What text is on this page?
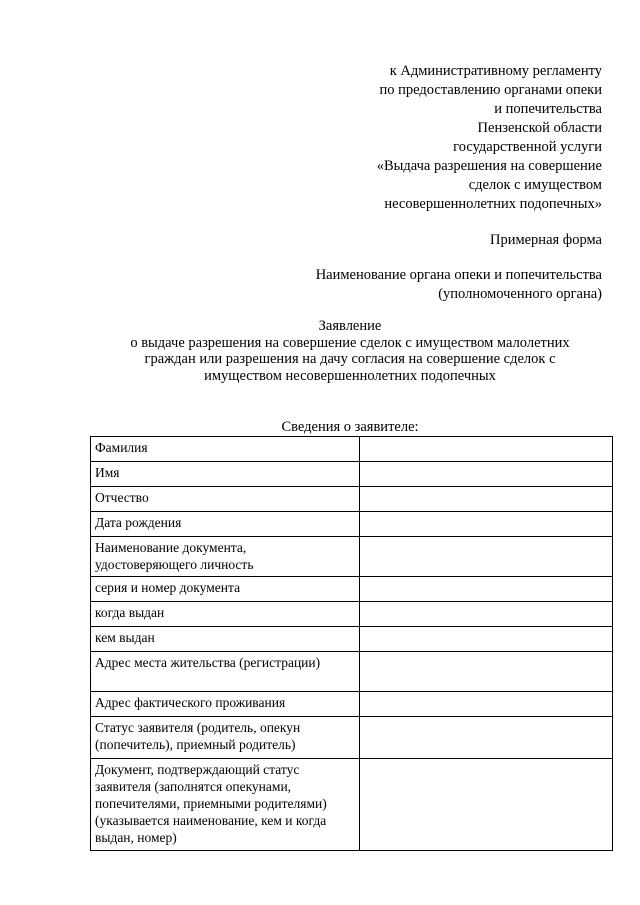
к Административному регламенту
по предоставлению органами опеки
и попечительства
Пензенской области
государственной услуги
«Выдача разрешения на совершение
сделок с имуществом
несовершеннолетних подопечных»
Примерная форма
Наименование органа опеки и попечительства
(уполномоченного органа)
Заявление
о выдаче разрешения на совершение сделок с имуществом малолетних
граждан или разрешения на дачу согласия на совершение сделок с
имуществом несовершеннолетних подопечных
Сведения о заявителе:
Фамилия	

Имя	

Отчество	

Дата рождения	

Наименование документа,
удостоверяющего личность	

серия и номер документа	

когда выдан	

кем выдан	

Адрес места жительства (регистрации)	

Адрес фактического проживания	

Статус заявителя (родитель, опекун
(попечитель), приемный родитель)	

Документ, подтверждающий статус
заявителя (заполнятся опекунами,
попечителями, приемными родителями)
(указывается наименование, кем и когда
выдан, номер)	
